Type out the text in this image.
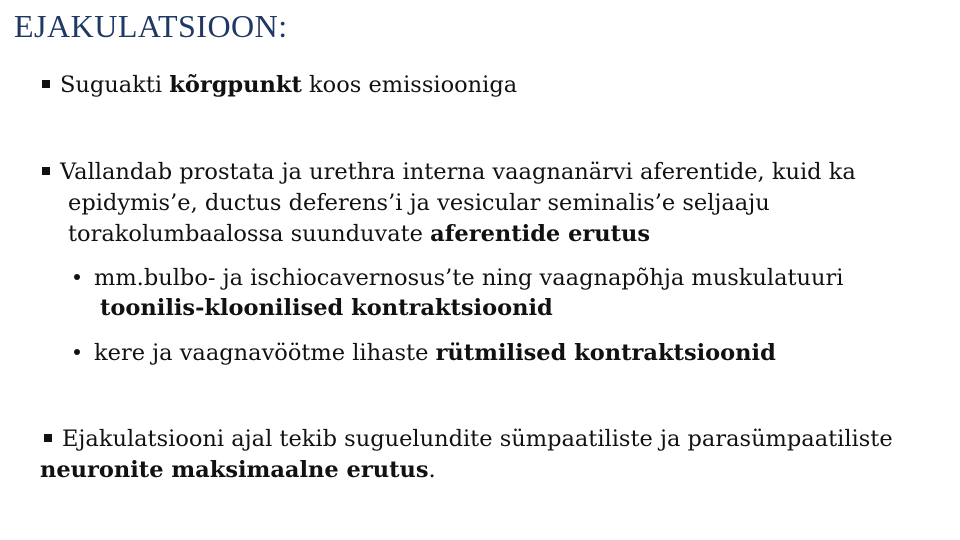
EJAKULATSIOON:
Suguakti kõrgpunkt koos emissiooniga
Vallandab prostata ja urethra interna vaagnanärvi aferentide, kuid ka epidymis’e, ductus deferens’i ja vesicular seminalis’e seljaaju torakolumbaalossa suunduvate aferentide erutus
mm.bulbo- ja ischiocavernosus’te ning vaagnapõhja muskulatuuri toonilis-kloonilised kontraktsioonid
kere ja vaagnavöötme lihaste rütmilised kontraktsioonid
Ejakulatsiooni ajal tekib suguelundite sümpaatiliste ja parasümpaatiliste neuronite maksimaalne erutus.
